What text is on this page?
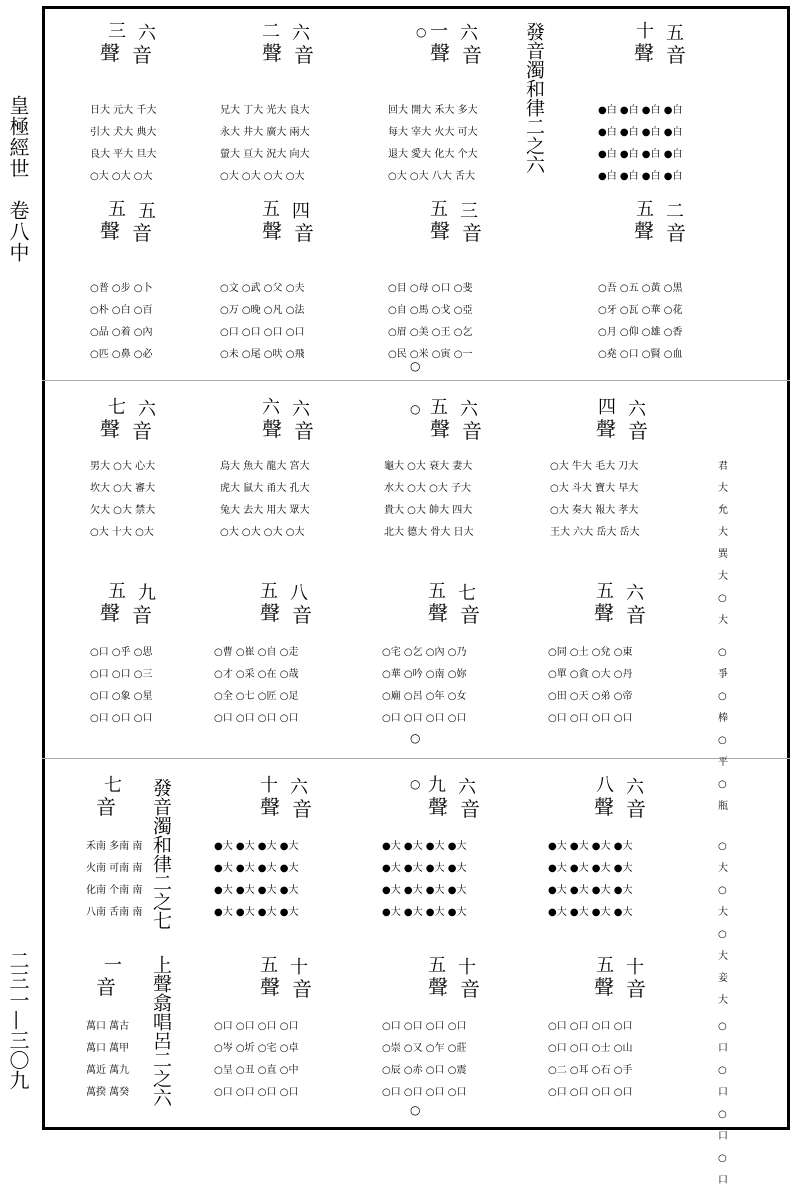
皇極經世　卷八中
二三一—三〇九
發音濁和律二之六
發音濁和律二之七
上聲翕唱呂二之六
○
○
○
○
○
○
三 六
聲 音
日大 元大 千大
引大 犬大 典大
良大 平大 旦大
○大 ○大 ○大
二 六
聲 音
兄大 丁大 光大 良大
永大 井大 廣大 兩大
螢大 亘大 況大 向大
○大 ○大 ○大 ○大
一 六
聲 音
回大 開大 禾大 多大
每大 宰大 火大 可大
退大 愛大 化大 个大
○大 ○大 八大 舌大
十 五
聲 音
●白 ●白 ●白 ●白
●白 ●白 ●白 ●白
●白 ●白 ●白 ●白
●白 ●白 ●白 ●白
五 五
聲 音
○普 ○步 ○卜
○朴 ○白 ○百
○品 ○着 ○內
○匹 ○鼻 ○必
五 四
聲 音
○文 ○武 ○父 ○夫
○万 ○晚 ○凡 ○法
○口 ○口 ○口 ○口
○未 ○尾 ○吠 ○飛
五 三
聲 音
○目 ○母 ○口 ○斐
○自 ○馬 ○戈 ○亞
○眉 ○美 ○王 ○乞
○民 ○米 ○寅 ○一
五 二
聲 音
○吾 ○五 ○黃 ○黑
○牙 ○瓦 ○華 ○花
○月 ○仰 ○雄 ○香
○堯 ○口 ○賢 ○血
七 六
聲 音
男大 ○大 心大
坎大 ○大 審大
欠大 ○大 禁大
○大 十大 ○大
六 六
聲 音
烏大 魚大 龍大 宮大
虎大 鼠大 甬大 孔大
兔大 去大 用大 眾大
○大 ○大 ○大 ○大
五 六
聲 音
龜大 ○大 衰大 妻大
水大 ○大 ○大 子大
貴大 ○大 帥大 四大
北大 德大 骨大 日大
四 六
聲 音
○大 牛大 毛大 刀大
○大 斗大 寶大 早大
○大 奏大 報大 孝大
王大 六大 岳大 岳大
君大
允大
巽大
○大
五 九
聲 音
○口 ○乎 ○思
○口 ○口 ○三
○口 ○象 ○星
○口 ○口 ○口
五 八
聲 音
○曹 ○崔 ○自 ○走
○才 ○采 ○在 ○哉
○全 ○七 ○匠 ○足
○口 ○口 ○口 ○口
五 七
聲 音
○宅 ○乞 ○內 ○乃
○華 ○吟 ○南 ○妳
○廟 ○呂 ○年 ○女
○口 ○口 ○口 ○口
五 六
聲 音
○同 ○土 ○兌 ○東
○單 ○貪 ○大 ○丹
○田 ○天 ○弟 ○帝
○口 ○口 ○口 ○口
○爭
○棒
○平
○瓶
七
音
禾南 多南 南
火南 可南 南
化南 个南 南
八南 舌南 南
十 六
聲 音
●大 ●大 ●大 ●大
●大 ●大 ●大 ●大
●大 ●大 ●大 ●大
●大 ●大 ●大 ●大
九 六
聲 音
●大 ●大 ●大 ●大
●大 ●大 ●大 ●大
●大 ●大 ●大 ●大
●大 ●大 ●大 ●大
八 六
聲 音
●大 ●大 ●大 ●大
●大 ●大 ●大 ●大
●大 ●大 ●大 ●大
●大 ●大 ●大 ●大
○大
○大
○大
妾大
一
音
萬口 萬古
萬口 萬甲
萬近 萬九
萬揆 萬癸
五 十
聲 音
○口 ○口 ○口 ○口
○岑 ○圻 ○宅 ○卓
○呈 ○丑 ○直 ○中
○口 ○口 ○口 ○口
五 十
聲 音
○口 ○口 ○口 ○口
○崇 ○又 ○乍 ○莊
○辰 ○赤 ○口 ○震
○口 ○口 ○口 ○口
五 十
聲 音
○口 ○口 ○口 ○口
○口 ○口 ○士 ○山
○二 ○耳 ○石 ○手
○口 ○口 ○口 ○口
○口
○口
○口
○口
